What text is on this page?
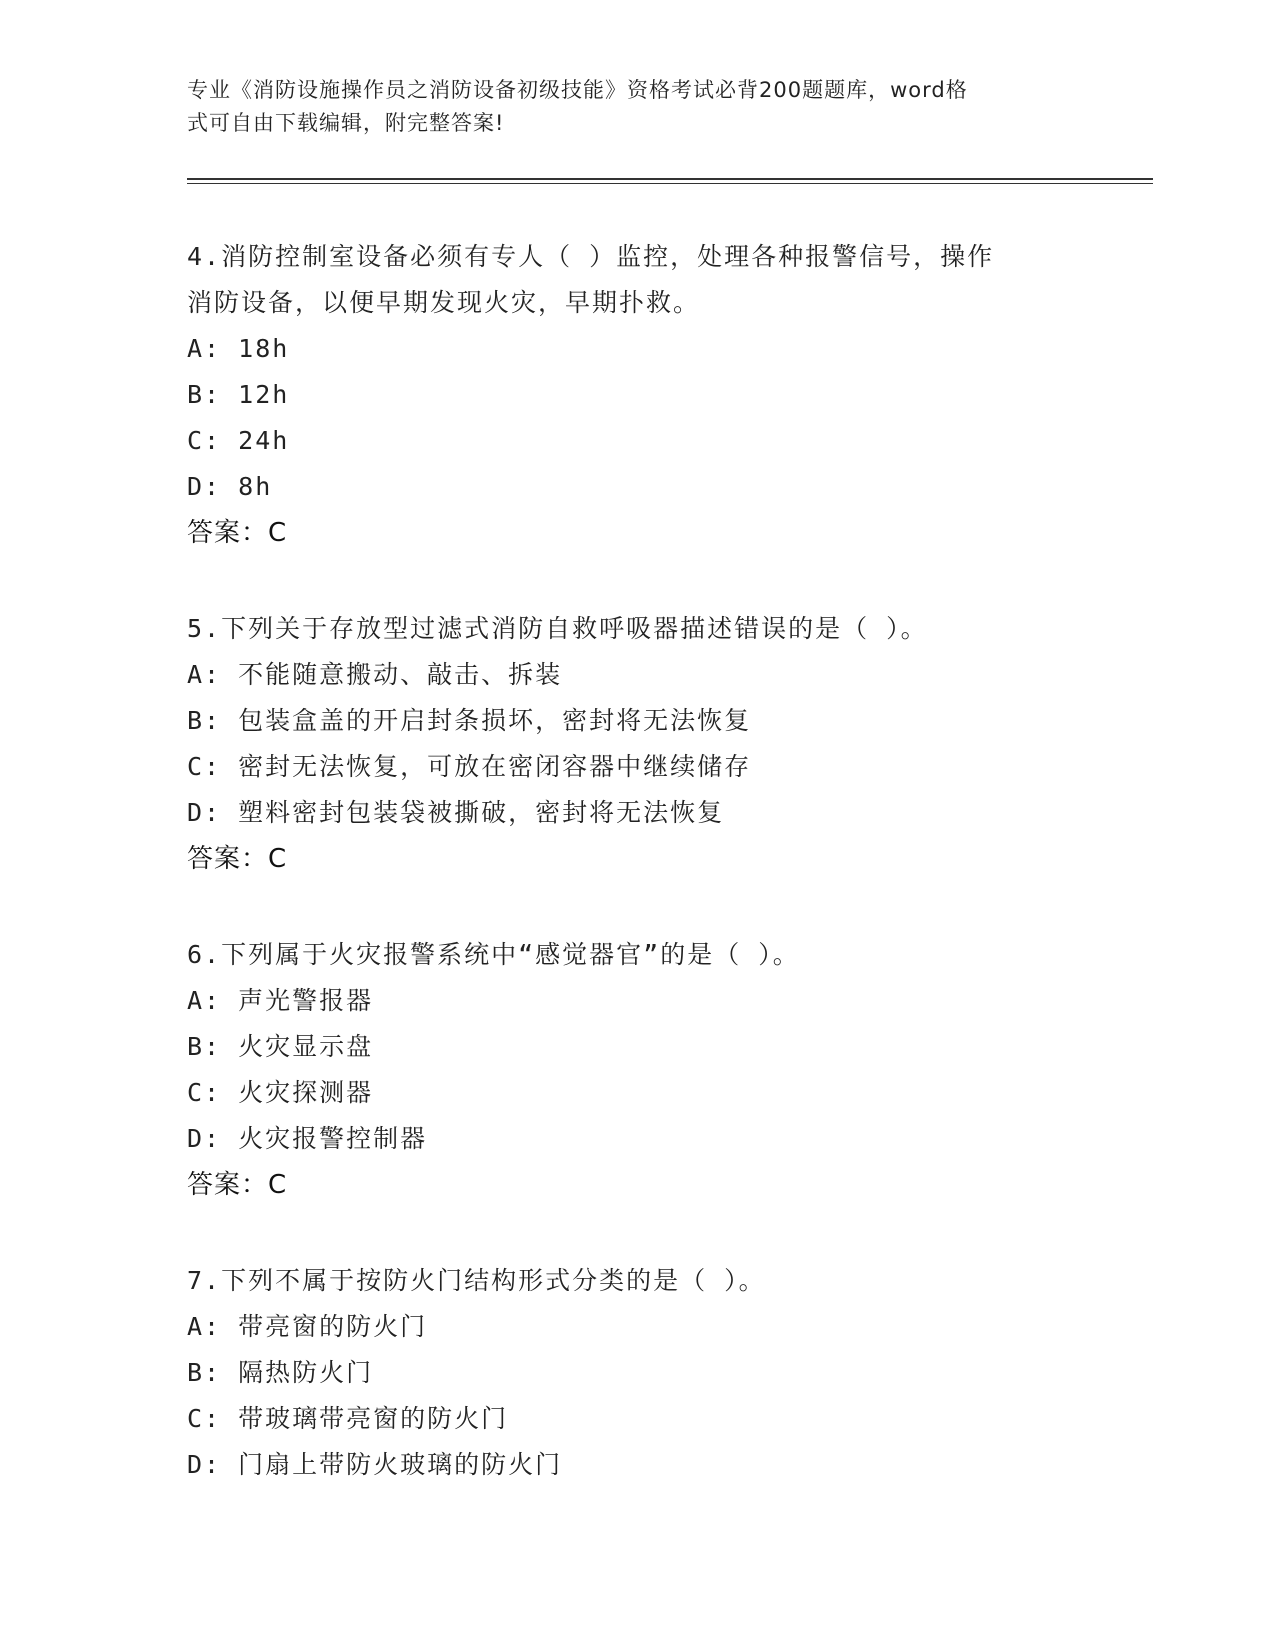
专业《消防设施操作员之消防设备初级技能》资格考试必背200题题库，word格
式可自由下载编辑，附完整答案!

4.消防控制室设备必须有专人（ ）监控，处理各种报警信号，操作

消防设备，以便早期发现火灾，早期扑救。

A: 18h

B: 12h

C: 24h

D: 8h

答案：C

5.下列关于存放型过滤式消防自救呼吸器描述错误的是（ ）。

A: 不能随意搬动、敲击、拆装

B: 包装盒盖的开启封条损坏，密封将无法恢复

C: 密封无法恢复，可放在密闭容器中继续储存

D: 塑料密封包装袋被撕破，密封将无法恢复

答案：C

6.下列属于火灾报警系统中“感觉器官”的是（ ）。

A: 声光警报器

B: 火灾显示盘

C: 火灾探测器

D: 火灾报警控制器

答案：C

7.下列不属于按防火门结构形式分类的是（ ）。

A: 带亮窗的防火门

B: 隔热防火门

C: 带玻璃带亮窗的防火门

D: 门扇上带防火玻璃的防火门
